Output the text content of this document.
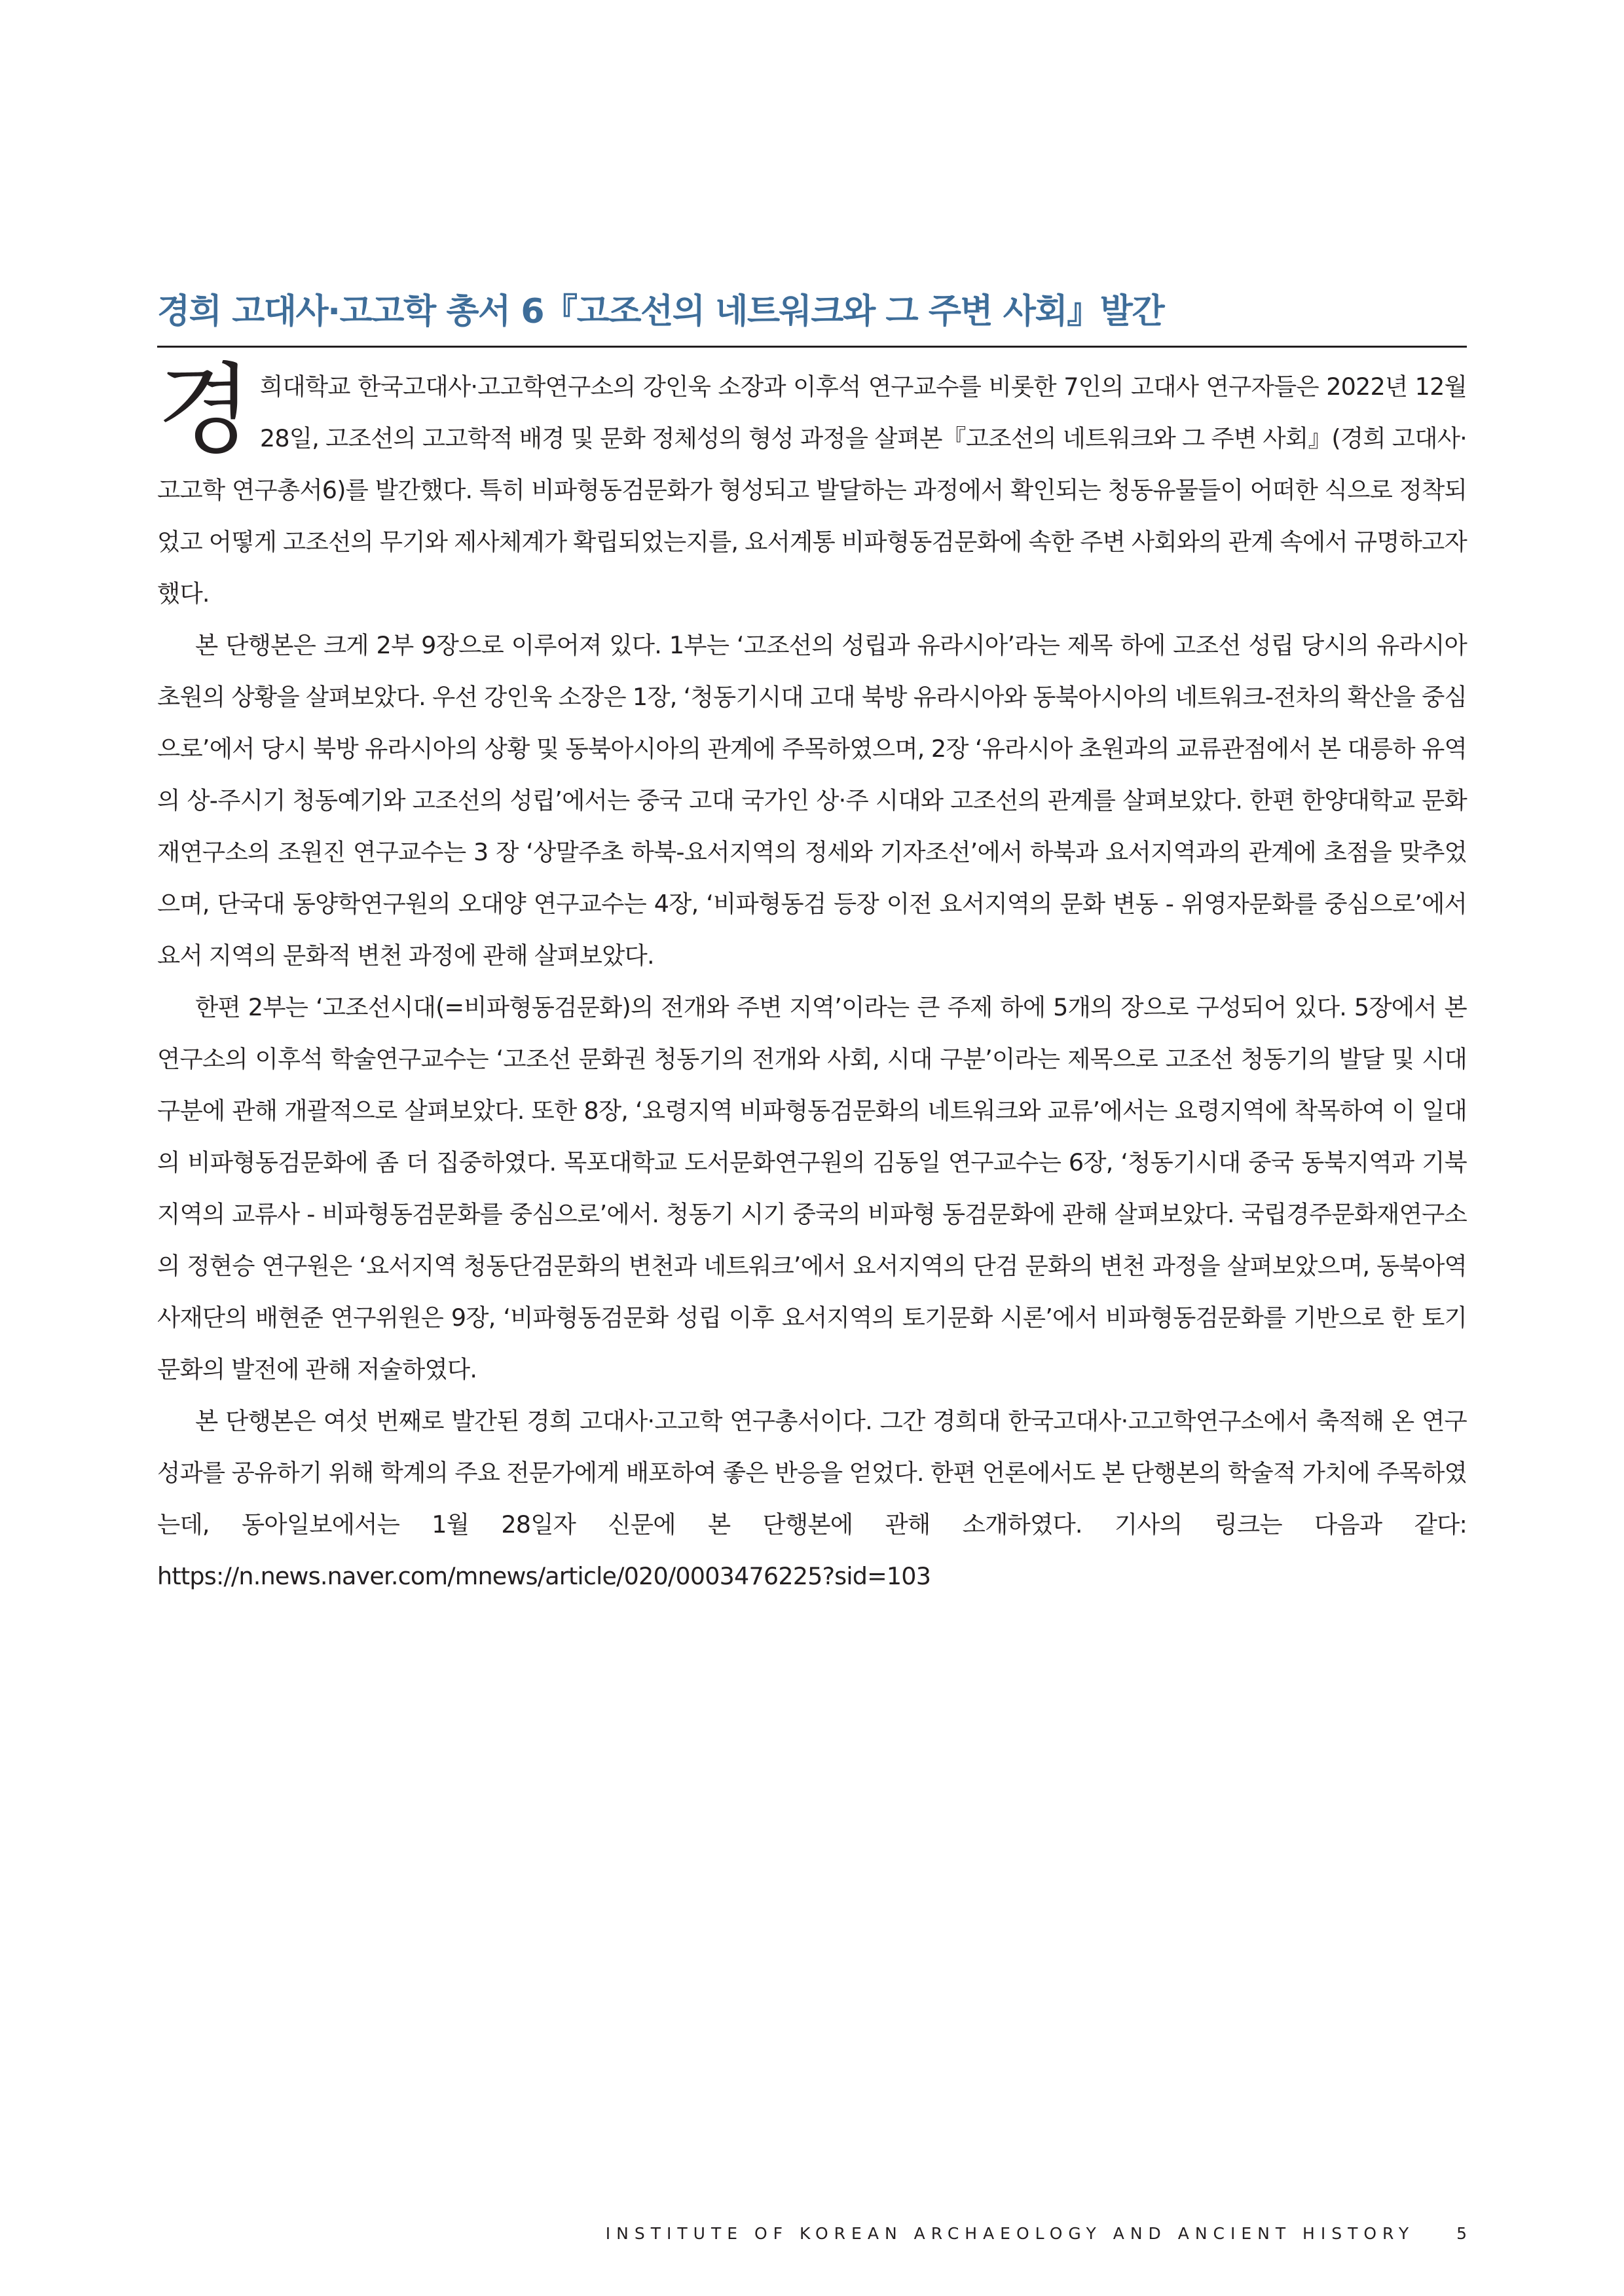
경희 고대사·고고학 총서 6『고조선의 네트워크와 그 주변 사회』발간

경희대학교 한국고대사·고고학연구소의 강인욱 소장과 이후석 연구교수를 비롯한 7인의 고대사 연구자들은 2022년 12월 28일, 고조선의 고고학적 배경 및 문화 정체성의 형성 과정을 살펴본『고조선의 네트워크와 그 주변 사회』(경희 고대사·고고학 연구총서6)를 발간했다. 특히 비파형동검문화가 형성되고 발달하는 과정에서 확인되는 청동유물들이 어떠한 식으로 정착되었고 어떻게 고조선의 무기와 제사체계가 확립되었는지를, 요서계통 비파형동검문화에 속한 주변 사회와의 관계 속에서 규명하고자 했다.

본 단행본은 크게 2부 9장으로 이루어져 있다. 1부는 ‘고조선의 성립과 유라시아’라는 제목 하에 고조선 성립 당시의 유라시아 초원의 상황을 살펴보았다. 우선 강인욱 소장은 1장, ‘청동기시대 고대 북방 유라시아와 동북아시아의 네트워크-전차의 확산을 중심으로’에서 당시 북방 유라시아의 상황 및 동북아시아의 관계에 주목하였으며, 2장 ‘유라시아 초원과의 교류관점에서 본 대릉하 유역의 상-주시기 청동예기와 고조선의 성립’에서는 중국 고대 국가인 상·주 시대와 고조선의 관계를 살펴보았다. 한편 한양대학교 문화재연구소의 조원진 연구교수는 3 장 ‘상말주초 하북-요서지역의 정세와 기자조선’에서 하북과 요서지역과의 관계에 초점을 맞추었으며, 단국대 동양학연구원의 오대양 연구교수는 4장, ‘비파형동검 등장 이전 요서지역의 문화 변동 - 위영자문화를 중심으로’에서 요서 지역의 문화적 변천 과정에 관해 살펴보았다.

한편 2부는 ‘고조선시대(=비파형동검문화)의 전개와 주변 지역’이라는 큰 주제 하에 5개의 장으로 구성되어 있다. 5장에서 본 연구소의 이후석 학술연구교수는 ‘고조선 문화권 청동기의 전개와 사회, 시대 구분’이라는 제목으로 고조선 청동기의 발달 및 시대구분에 관해 개괄적으로 살펴보았다. 또한 8장, ‘요령지역 비파형동검문화의 네트워크와 교류’에서는 요령지역에 착목하여 이 일대의 비파형동검문화에 좀 더 집중하였다. 목포대학교 도서문화연구원의 김동일 연구교수는 6장, ‘청동기시대 중국 동북지역과 기북지역의 교류사 - 비파형동검문화를 중심으로’에서. 청동기 시기 중국의 비파형 동검문화에 관해 살펴보았다. 국립경주문화재연구소의 정현승 연구원은 ‘요서지역 청동단검문화의 변천과 네트워크’에서 요서지역의 단검 문화의 변천 과정을 살펴보았으며, 동북아역사재단의 배현준 연구위원은 9장, ‘비파형동검문화 성립 이후 요서지역의 토기문화 시론’에서 비파형동검문화를 기반으로 한 토기문화의 발전에 관해 저술하였다.

본 단행본은 여섯 번째로 발간된 경희 고대사·고고학 연구총서이다. 그간 경희대 한국고대사·고고학연구소에서 축적해 온 연구 성과를 공유하기 위해 학계의 주요 전문가에게 배포하여 좋은 반응을 얻었다. 한편 언론에서도 본 단행본의 학술적 가치에 주목하였는데, 동아일보에서는 1월 28일자 신문에 본 단행본에 관해 소개하였다. 기사의 링크는 다음과 같다: https://n.news.naver.com/mnews/article/020/0003476225?sid=103

INSTITUTE OF KOREAN ARCHAEOLOGY AND ANCIENT HISTORY	5
